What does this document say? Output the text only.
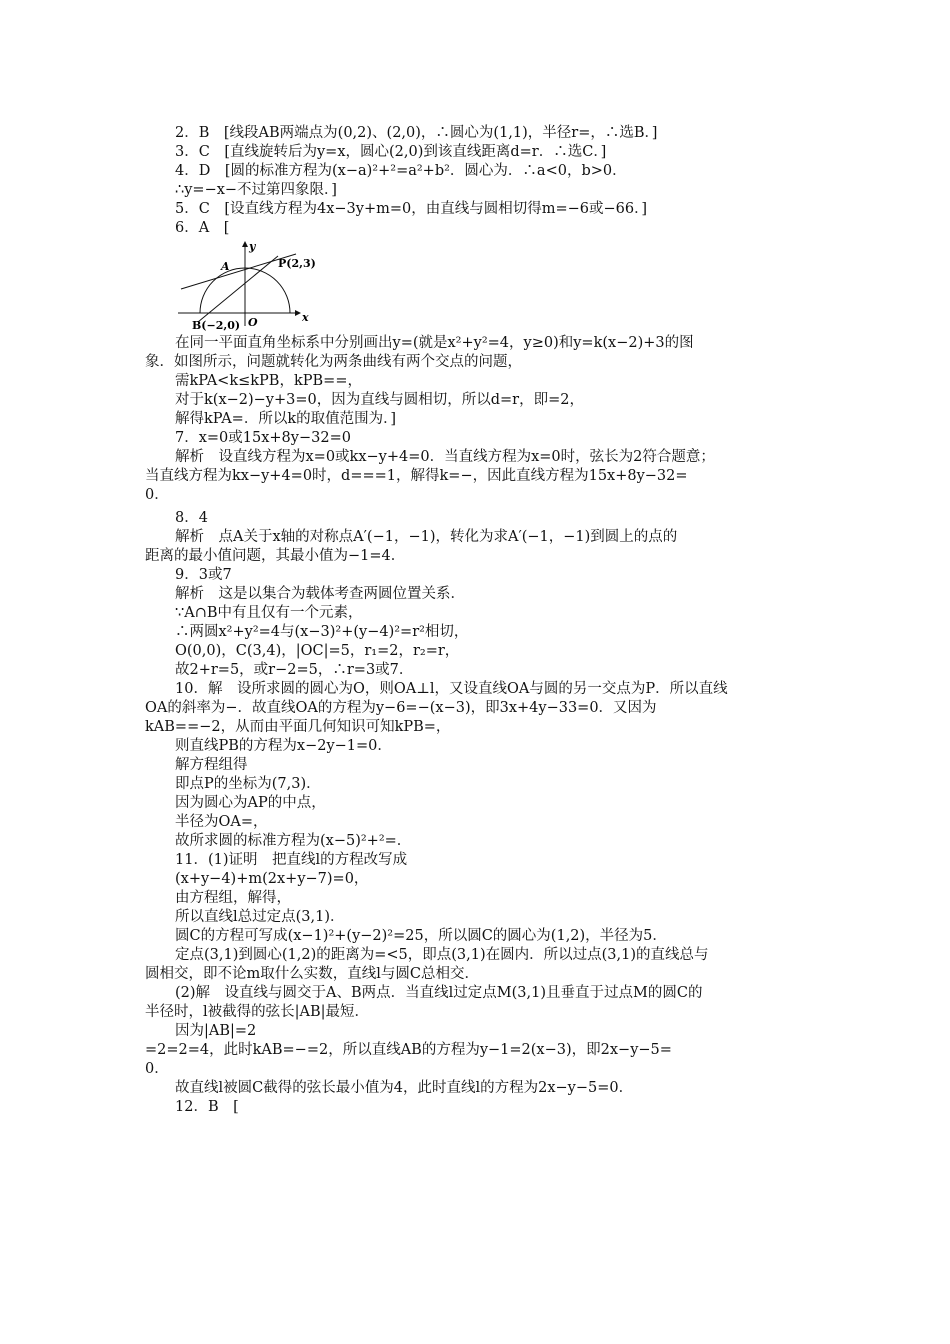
2．B　[线段AB两端点为(0,2)、(2,0)，∴圆心为(1,1)，半径r=，∴选B．]
3．C　[直线旋转后为y=x，圆心(2,0)到该直线距离d=r．∴选C．]
4．D　[圆的标准方程为(x−a)²+²=a²+b²．圆心为．∴a<0，b>0．
∴y=−x−不过第四象限．]
5．C　[设直线方程为4x−3y+m=0，由直线与圆相切得m=−6或−66．]
6．A　[
y
x
A	P(2,3)
B(−2,0) O
在同一平面直角坐标系中分别画出y=(就是x²+y²=4，y≥0)和y=k(x−2)+3的图
象．如图所示，问题就转化为两条曲线有两个交点的问题，
需kPA<k≤kPB，kPB==，
对于k(x−2)−y+3=0，因为直线与圆相切，所以d=r，即=2，
解得kPA=．所以k的取值范围为．]
7．x=0或15x+8y−32=0
解析　设直线方程为x=0或kx−y+4=0．当直线方程为x=0时，弦长为2符合题意；
当直线方程为kx−y+4=0时，d===1，解得k=−，因此直线方程为15x+8y−32=
0．
8．4
解析　点A关于x轴的对称点A′(−1，−1)，转化为求A′(−1，−1)到圆上的点的
距离的最小值问题，其最小值为−1=4．
9．3或7
解析　这是以集合为载体考查两圆位置关系．
∵A∩B中有且仅有一个元素，
∴两圆x²+y²=4与(x−3)²+(y−4)²=r²相切，
O(0,0)，C(3,4)，|OC|=5，r₁=2，r₂=r，
故2+r=5，或r−2=5，∴r=3或7．
10．解　设所求圆的圆心为O，则OA⊥l，又设直线OA与圆的另一交点为P．所以直线
OA的斜率为−．故直线OA的方程为y−6=−(x−3)，即3x+4y−33=0．又因为
kAB==−2，从而由平面几何知识可知kPB=，
则直线PB的方程为x−2y−1=0．
解方程组得
即点P的坐标为(7,3)．
因为圆心为AP的中点，
半径为OA=，
故所求圆的标准方程为(x−5)²+²=．
11．(1)证明　把直线l的方程改写成
(x+y−4)+m(2x+y−7)=0，
由方程组，解得，
所以直线l总过定点(3,1)．
圆C的方程可写成(x−1)²+(y−2)²=25，所以圆C的圆心为(1,2)，半径为5．
定点(3,1)到圆心(1,2)的距离为=<5，即点(3,1)在圆内．所以过点(3,1)的直线总与
圆相交，即不论m取什么实数，直线l与圆C总相交．
(2)解　设直线与圆交于A、B两点．当直线l过定点M(3,1)且垂直于过点M的圆C的
半径时，l被截得的弦长|AB|最短．
因为|AB|=2
=2=2=4，此时kAB=−=2，所以直线AB的方程为y−1=2(x−3)，即2x−y−5=
0．
故直线l被圆C截得的弦长最小值为4，此时直线l的方程为2x−y−5=0．
12．B　[
